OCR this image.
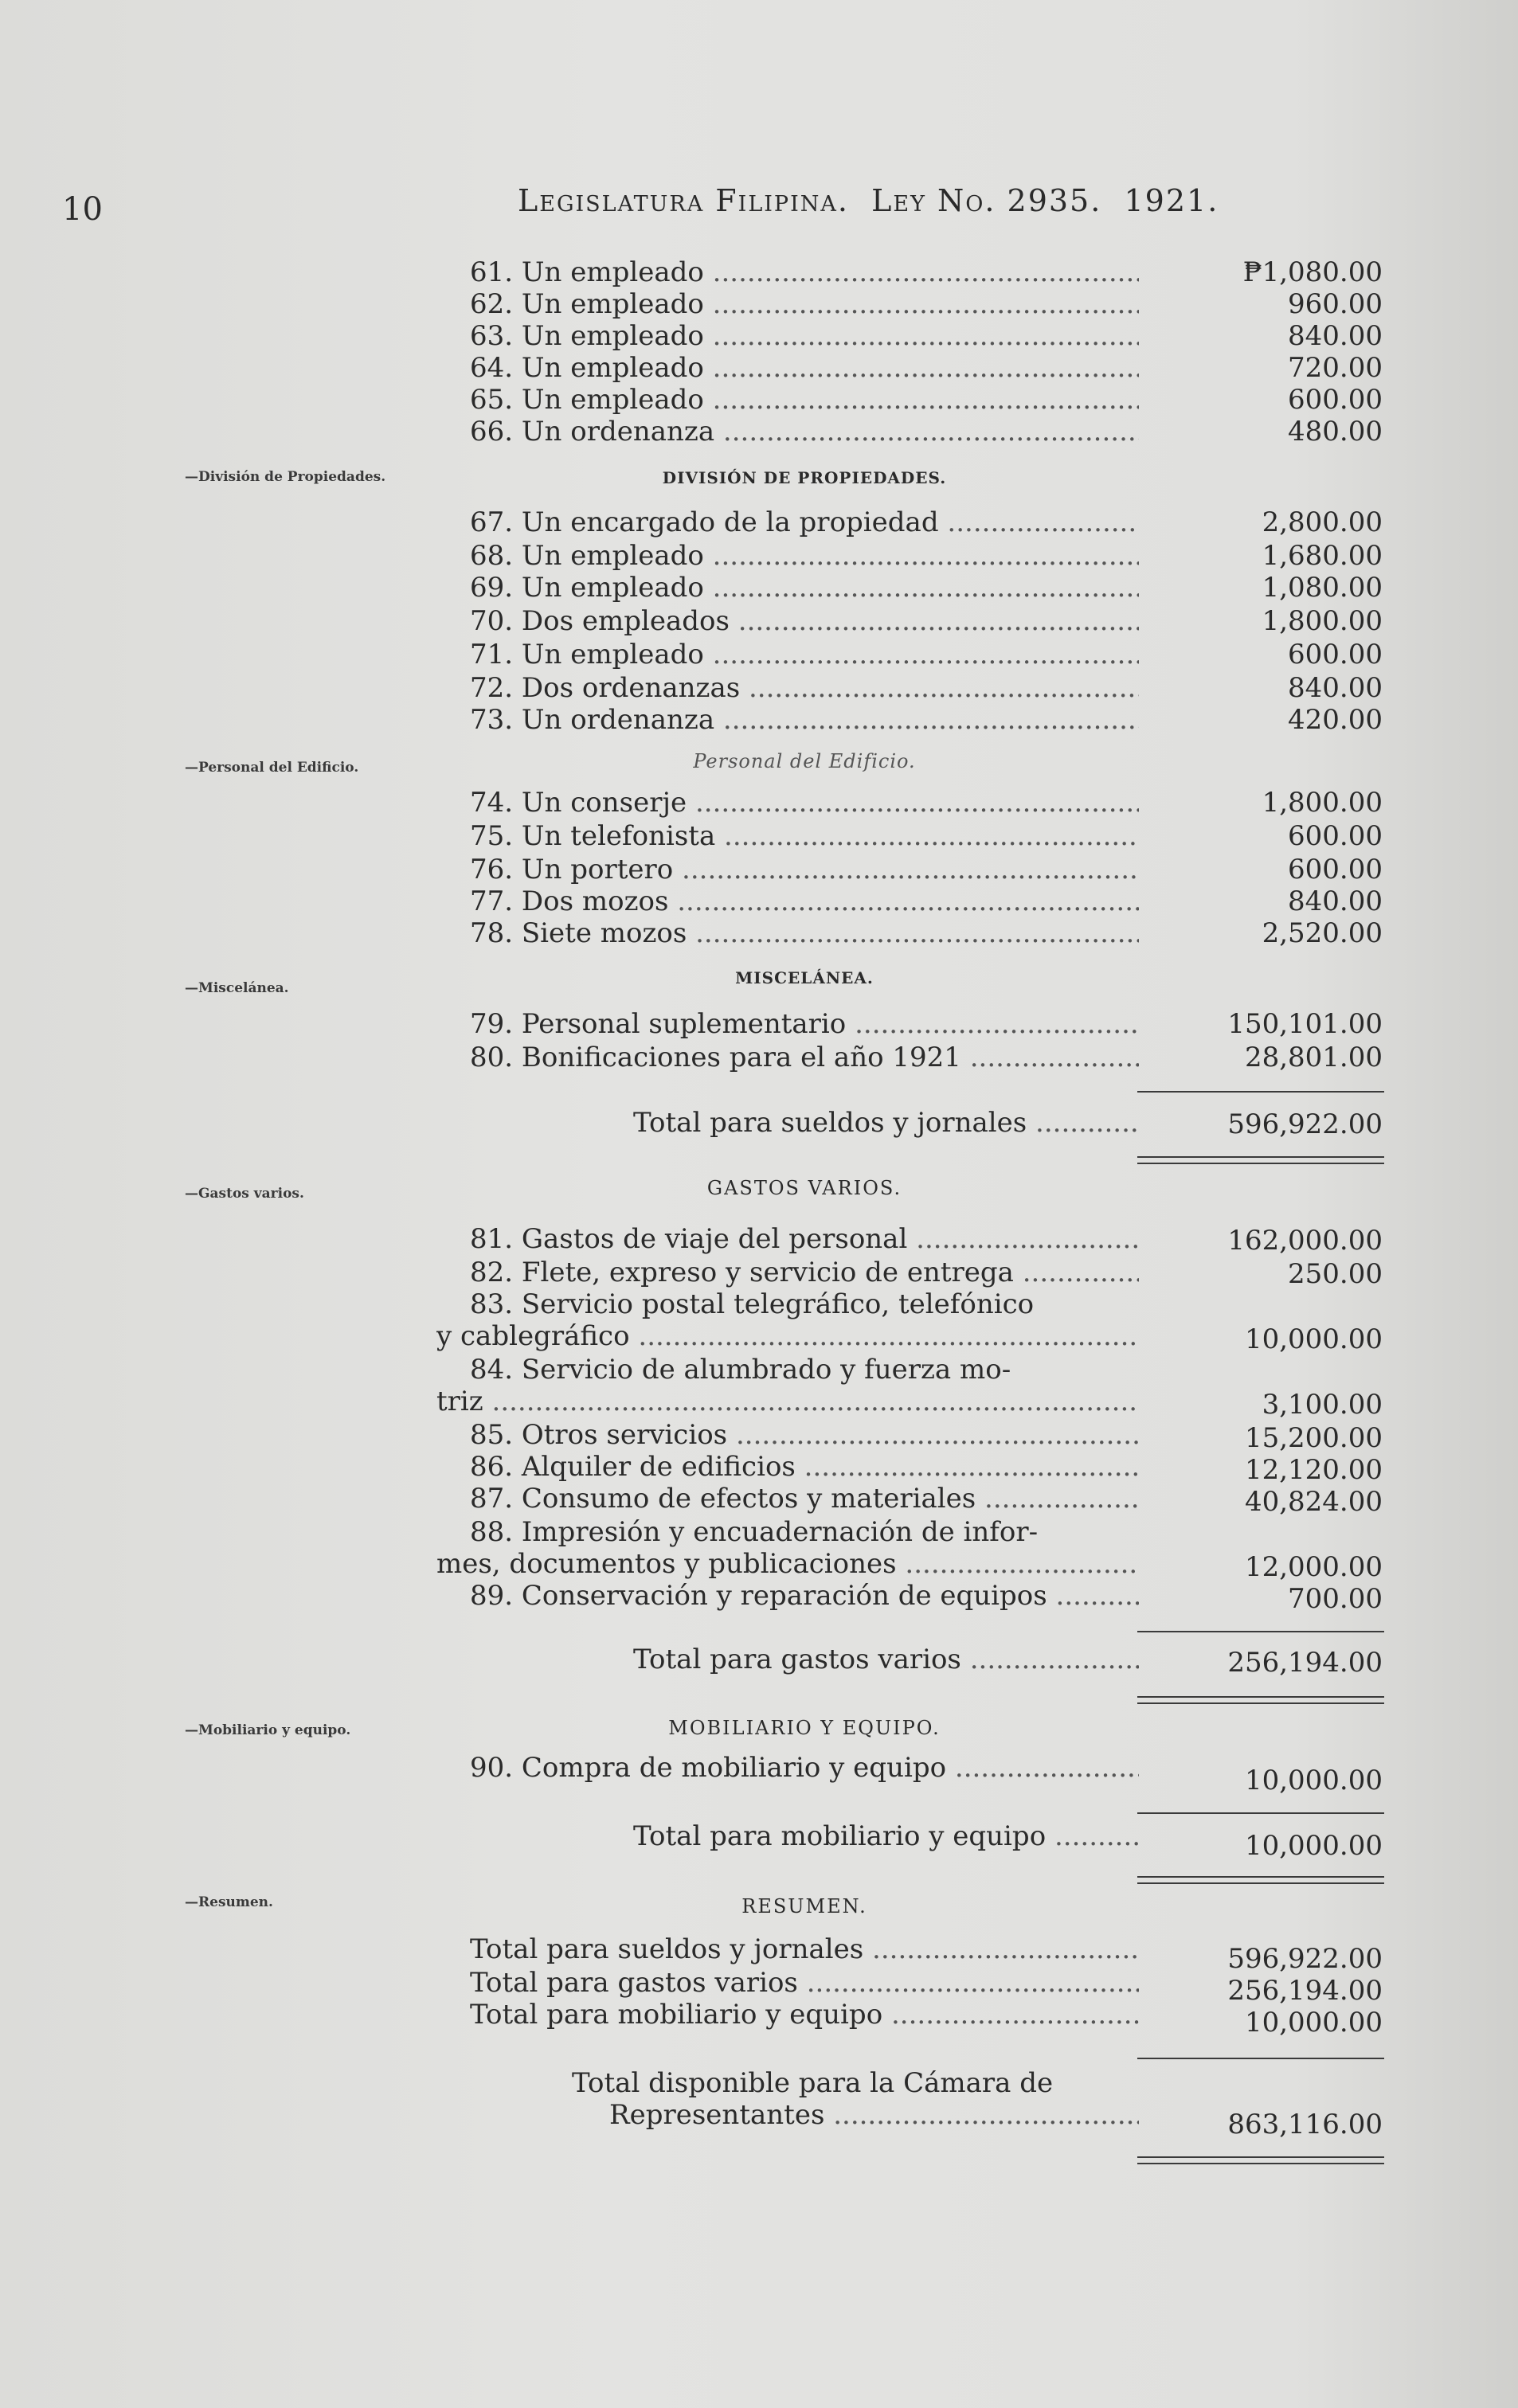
10	Legislatura Filipina. Ley No. 2935. 1921.
—División de Propiedades.
—Personal del Edificio.
—Miscelánea.
—Gastos varios.
—Mobiliario y equipo.
—Resumen.
61. Un empleado .....	₱1,080.00
62. Un empleado .....	960.00
63. Un empleado .....	840.00
64. Un empleado .....	720.00
65. Un empleado .....	600.00
66. Un ordenanza .....	480.00
DIVISIÓN DE PROPIEDADES.
67. Un encargado de la propiedad .....	2,800.00
68. Un empleado .....	1,680.00
69. Un empleado .....	1,080.00
70. Dos empleados .....	1,800.00
71. Un empleado .....	600.00
72. Dos ordenanzas .....	840.00
73. Un ordenanza .....	420.00
Personal del Edificio.
74. Un conserje .....	1,800.00
75. Un telefonista .....	600.00
76. Un portero .....	600.00
77. Dos mozos .....	840.00
78. Siete mozos .....	2,520.00
MISCELÁNEA.
79. Personal suplementario .....	150,101.00
80. Bonificaciones para el año 1921 .....	28,801.00
Total para sueldos y jornales .....	596,922.00
GASTOS VARIOS.
81. Gastos de viaje del personal .....	162,000.00
82. Flete, expreso y servicio de entrega .....	250.00
83. Servicio postal telegráfico, telefónico
y cablegráfico .....	10,000.00
84. Servicio de alumbrado y fuerza mo-
triz .....	3,100.00
85. Otros servicios .....	15,200.00
86. Alquiler de edificios .....	12,120.00
87. Consumo de efectos y materiales .....	40,824.00
88. Impresión y encuadernación de infor-
mes, documentos y publicaciones .....	12,000.00
89. Conservación y reparación de equipos .....	700.00
Total para gastos varios .....	256,194.00
MOBILIARIO Y EQUIPO.
90. Compra de mobiliario y equipo .....	10,000.00
Total para mobiliario y equipo .....	10,000.00
RESUMEN.
Total para sueldos y jornales .....	596,922.00
Total para gastos varios .....	256,194.00
Total para mobiliario y equipo .....	10,000.00
Total disponible para la Cámara de
Representantes .....	863,116.00
